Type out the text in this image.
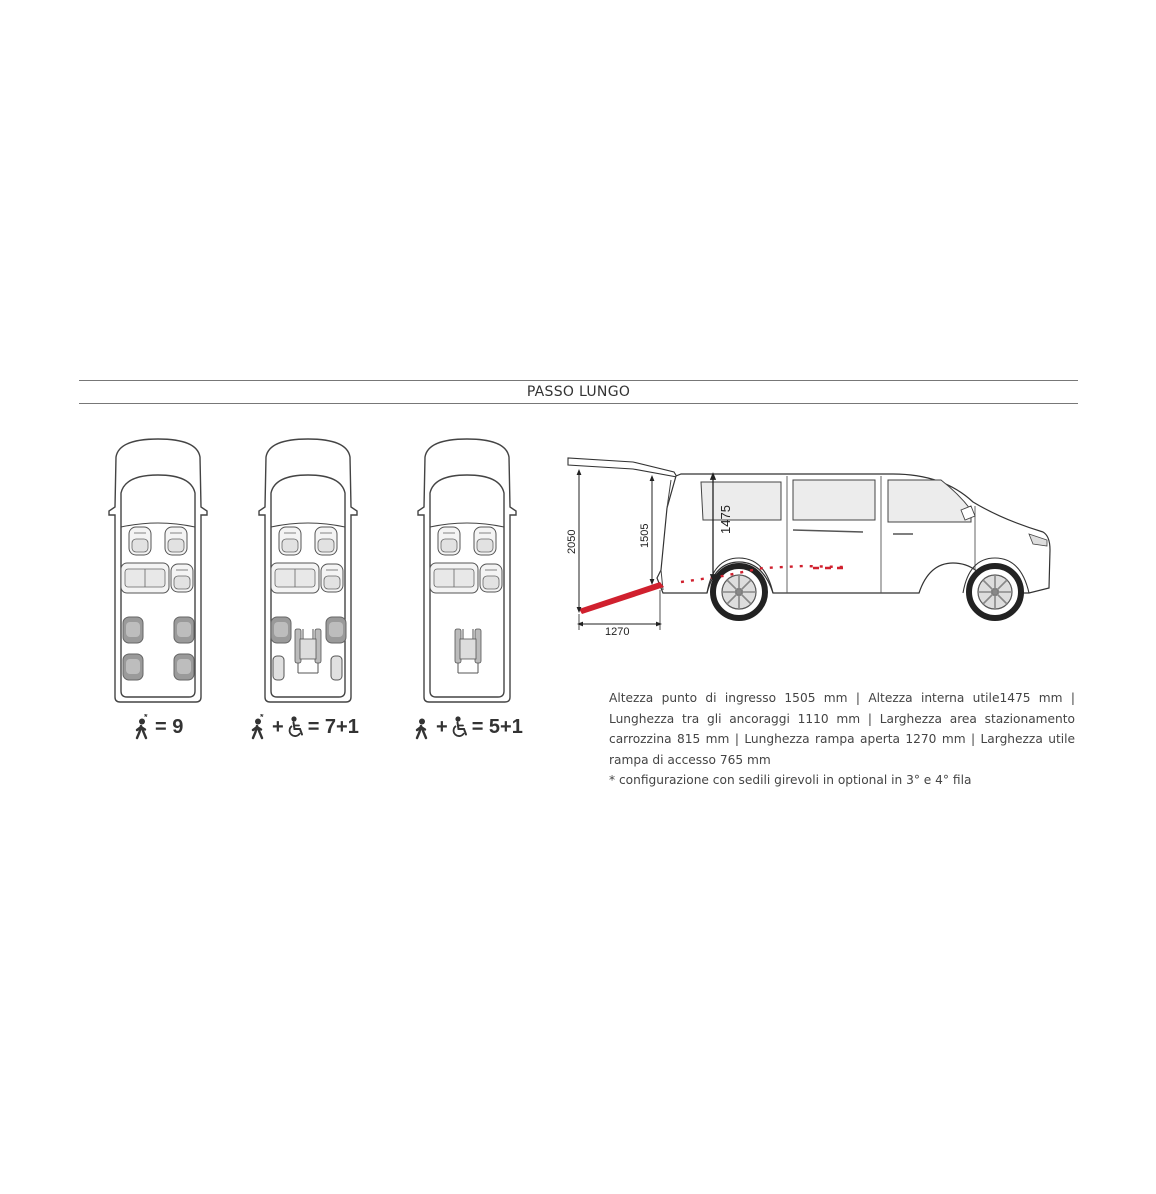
PASSO LUNGO
* = 9	* + = 7+1	+ = 5+1
2050	1505
1475
1270

Altezza punto di ingresso 1505 mm | Altezza interna utile1475 mm | Lunghezza tra gli ancoraggi 1110 mm | Larghezza area stazionamento carrozzina 815 mm | Lunghezza rampa aperta 1270 mm | Larghezza utile rampa di accesso 765 mm

* configurazione con sedili girevoli in optional in 3° e 4° fila
